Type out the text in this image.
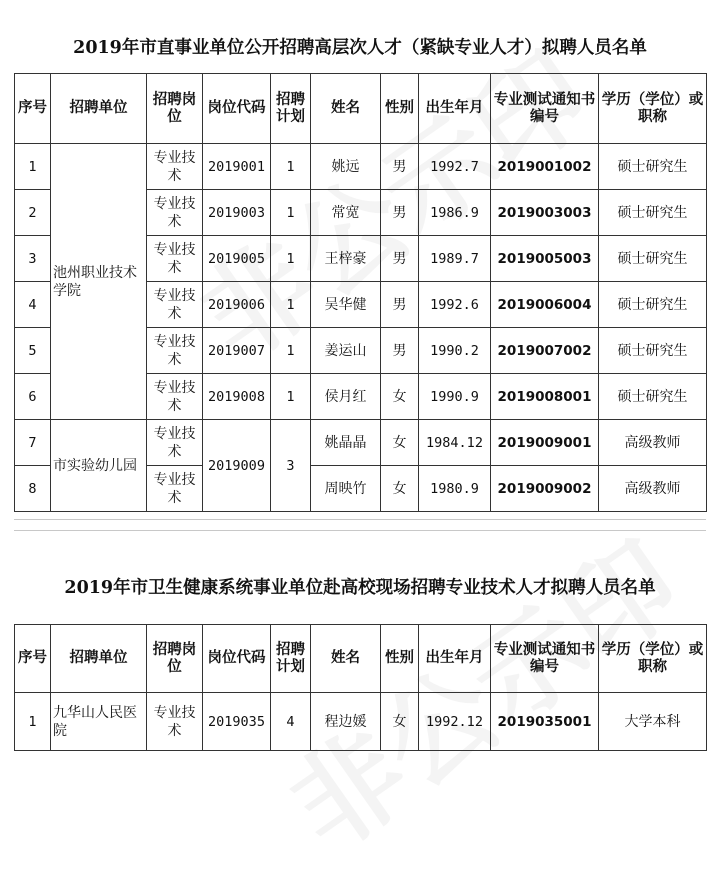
2019年市直事业单位公开招聘高层次人才（紧缺专业人才）拟聘人员名单
序号	招聘单位	招聘岗位	岗位代码	招聘计划	姓名	性别	出生年月	专业测试通知书编号	学历（学位）或职称
1	池州职业技术学院	专业技术	2019001	1	姚远	男	1992.7	2019001002	硕士研究生
2		专业技术	2019003	1	常宽	男	1986.9	2019003003	硕士研究生
3		专业技术	2019005	1	王梓豪	男	1989.7	2019005003	硕士研究生
4		专业技术	2019006	1	吴华健	男	1992.6	2019006004	硕士研究生
5		专业技术	2019007	1	姜运山	男	1990.2	2019007002	硕士研究生
6		专业技术	2019008	1	侯月红	女	1990.9	2019008001	硕士研究生
7	市实验幼儿园	专业技术	2019009	3	姚晶晶	女	1984.12	2019009001	高级教师
8		专业技术			周映竹	女	1980.9	2019009002	高级教师
2019年市卫生健康系统事业单位赴高校现场招聘专业技术人才拟聘人员名单
序号	招聘单位	招聘岗位	岗位代码	招聘计划	姓名	性别	出生年月	专业测试通知书编号	学历（学位）或职称
1	九华山人民医院	专业技术	2019035	4	程边媛	女	1992.12	2019035001	大学本科
